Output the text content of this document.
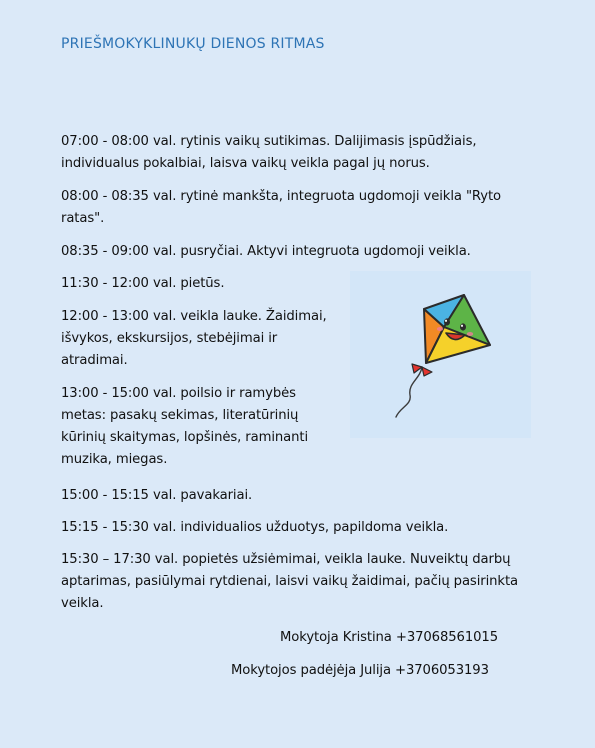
PRIEŠMOKYKLINUKŲ DIENOS RITMAS

07:00 - 08:00 val. rytinis vaikų sutikimas. Dalijimasis įspūdžiais, individualus pokalbiai, laisva vaikų veikla pagal jų norus.

08:00 - 08:35 val. rytinė mankšta, integruota ugdomoji veikla "Ryto ratas".

08:35 - 09:00 val. pusryčiai. Aktyvi integruota ugdomoji veikla.

11:30 - 12:00 val. pietūs.

12:00 - 13:00 val. veikla lauke. Žaidimai, išvykos, ekskursijos, stebėjimai ir atradimai.

13:00 - 15:00 val. poilsio ir ramybės metas: pasakų sekimas, literatūrinių kūrinių skaitymas, lopšinės, raminanti muzika, miegas.

15:00 - 15:15 val. pavakariai.

15:15 - 15:30 val. individualios užduotys, papildoma veikla.

15:30 – 17:30 val. popietės užsiėmimai, veikla lauke. Nuveiktų darbų aptarimas, pasiūlymai rytdienai, laisvi vaikų žaidimai, pačių pasirinkta veikla.

Mokytoja Kristina +37068561015

Mokytojos padėjėja Julija +3706053193
